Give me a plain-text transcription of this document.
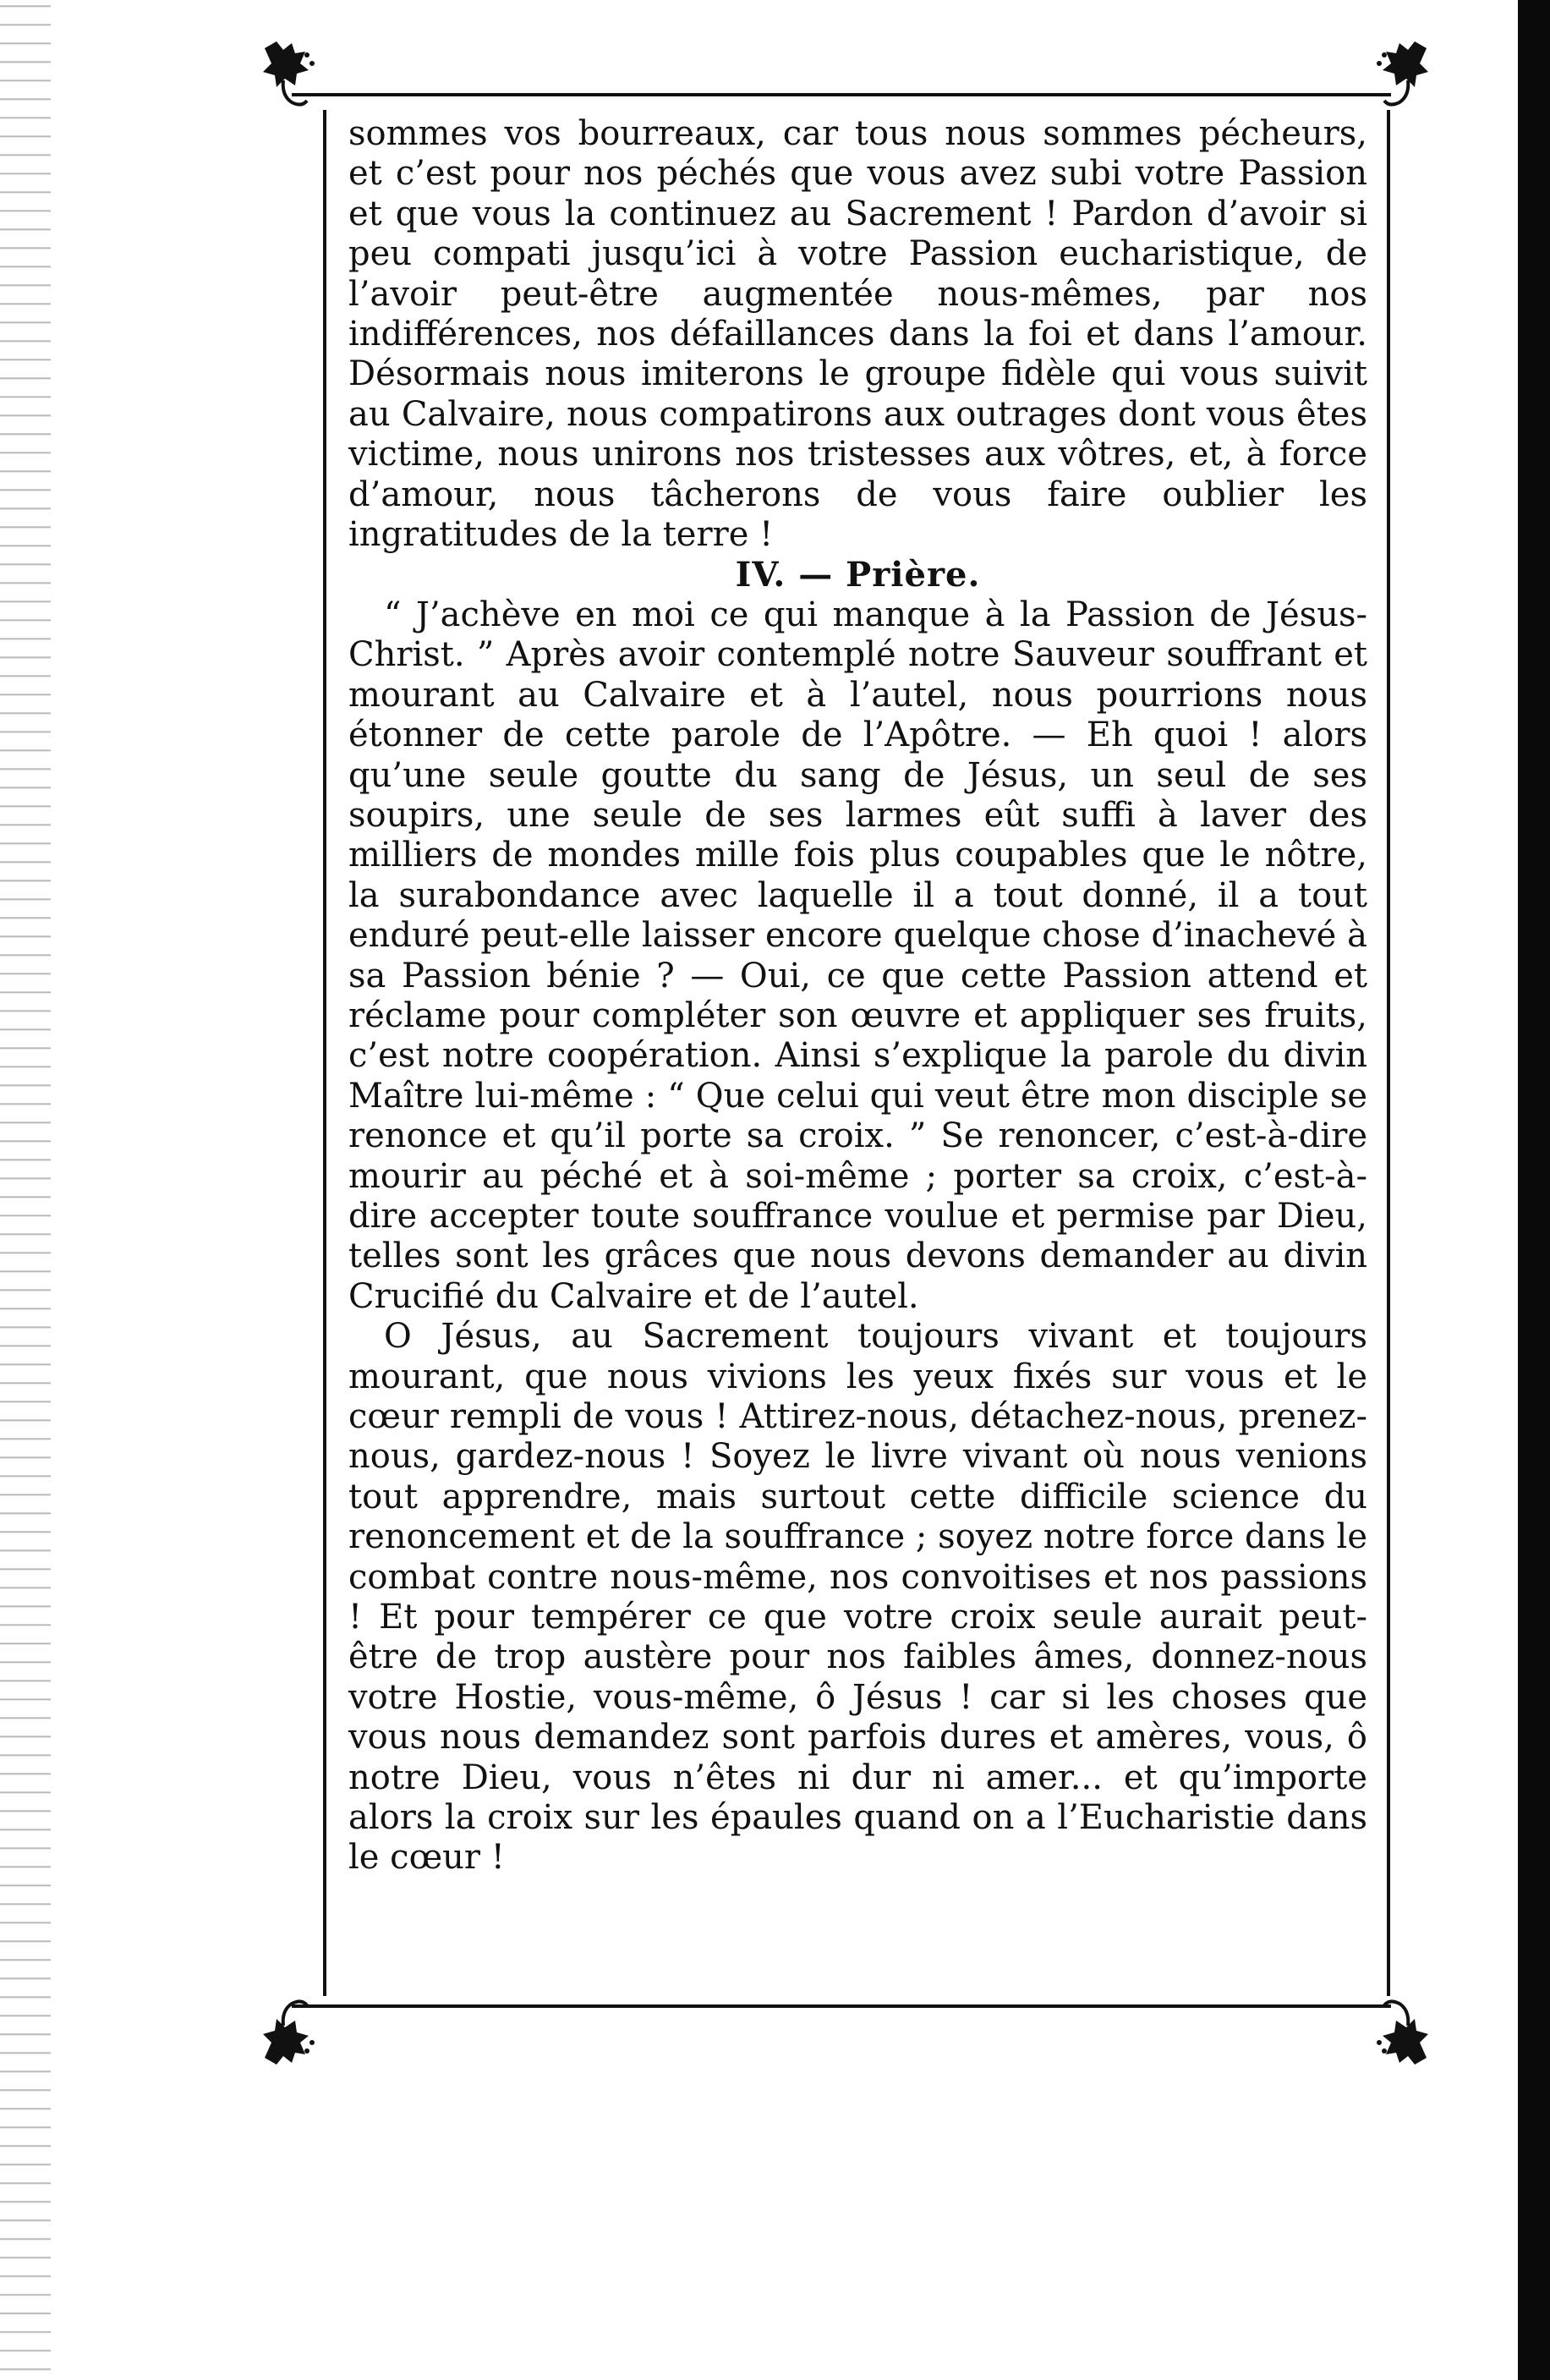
sommes vos bourreaux, car tous nous sommes pécheurs, et c’est pour nos péchés que vous avez subi votre Passion et que vous la continuez au Sacrement ! Pardon d’avoir si peu compati jusqu’ici à votre Passion eucharistique, de l’avoir peut-être augmentée nous-mêmes, par nos indifférences, nos défaillances dans la foi et dans l’amour. Désormais nous imiterons le groupe fidèle qui vous suivit au Calvaire, nous compatirons aux outrages dont vous êtes victime, nous unirons nos tristesses aux vôtres, et, à force d’amour, nous tâcherons de vous faire oublier les ingratitudes de la terre !

IV. — Prière.

“ J’achève en moi ce qui manque à la Passion de Jésus-Christ. ” Après avoir contemplé notre Sauveur souffrant et mourant au Calvaire et à l’autel, nous pourrions nous étonner de cette parole de l’Apôtre. — Eh quoi ! alors qu’une seule goutte du sang de Jésus, un seul de ses soupirs, une seule de ses larmes eût suffi à laver des milliers de mondes mille fois plus coupables que le nôtre, la surabondance avec laquelle il a tout donné, il a tout enduré peut-elle laisser encore quelque chose d’inachevé à sa Passion bénie ? — Oui, ce que cette Passion attend et réclame pour compléter son œuvre et appliquer ses fruits, c’est notre coopération. Ainsi s’explique la parole du divin Maître lui-même : “ Que celui qui veut être mon disciple se renonce et qu’il porte sa croix. ” Se renoncer, c’est-à-dire mourir au péché et à soi-même ; porter sa croix, c’est-à-dire accepter toute souffrance voulue et permise par Dieu, telles sont les grâces que nous devons demander au divin Crucifié du Calvaire et de l’autel.

O Jésus, au Sacrement toujours vivant et toujours mourant, que nous vivions les yeux fixés sur vous et le cœur rempli de vous ! Attirez-nous, détachez-nous, prenez-nous, gardez-nous ! Soyez le livre vivant où nous venions tout apprendre, mais surtout cette difficile science du renoncement et de la souffrance ; soyez notre force dans le combat contre nous-même, nos convoitises et nos passions ! Et pour tempérer ce que votre croix seule aurait peut-être de trop austère pour nos faibles âmes, donnez-nous votre Hostie, vous-même, ô Jésus ! car si les choses que vous nous demandez sont parfois dures et amères, vous, ô notre Dieu, vous n’êtes ni dur ni amer... et qu’importe alors la croix sur les épaules quand on a l’Eucharistie dans le cœur !
